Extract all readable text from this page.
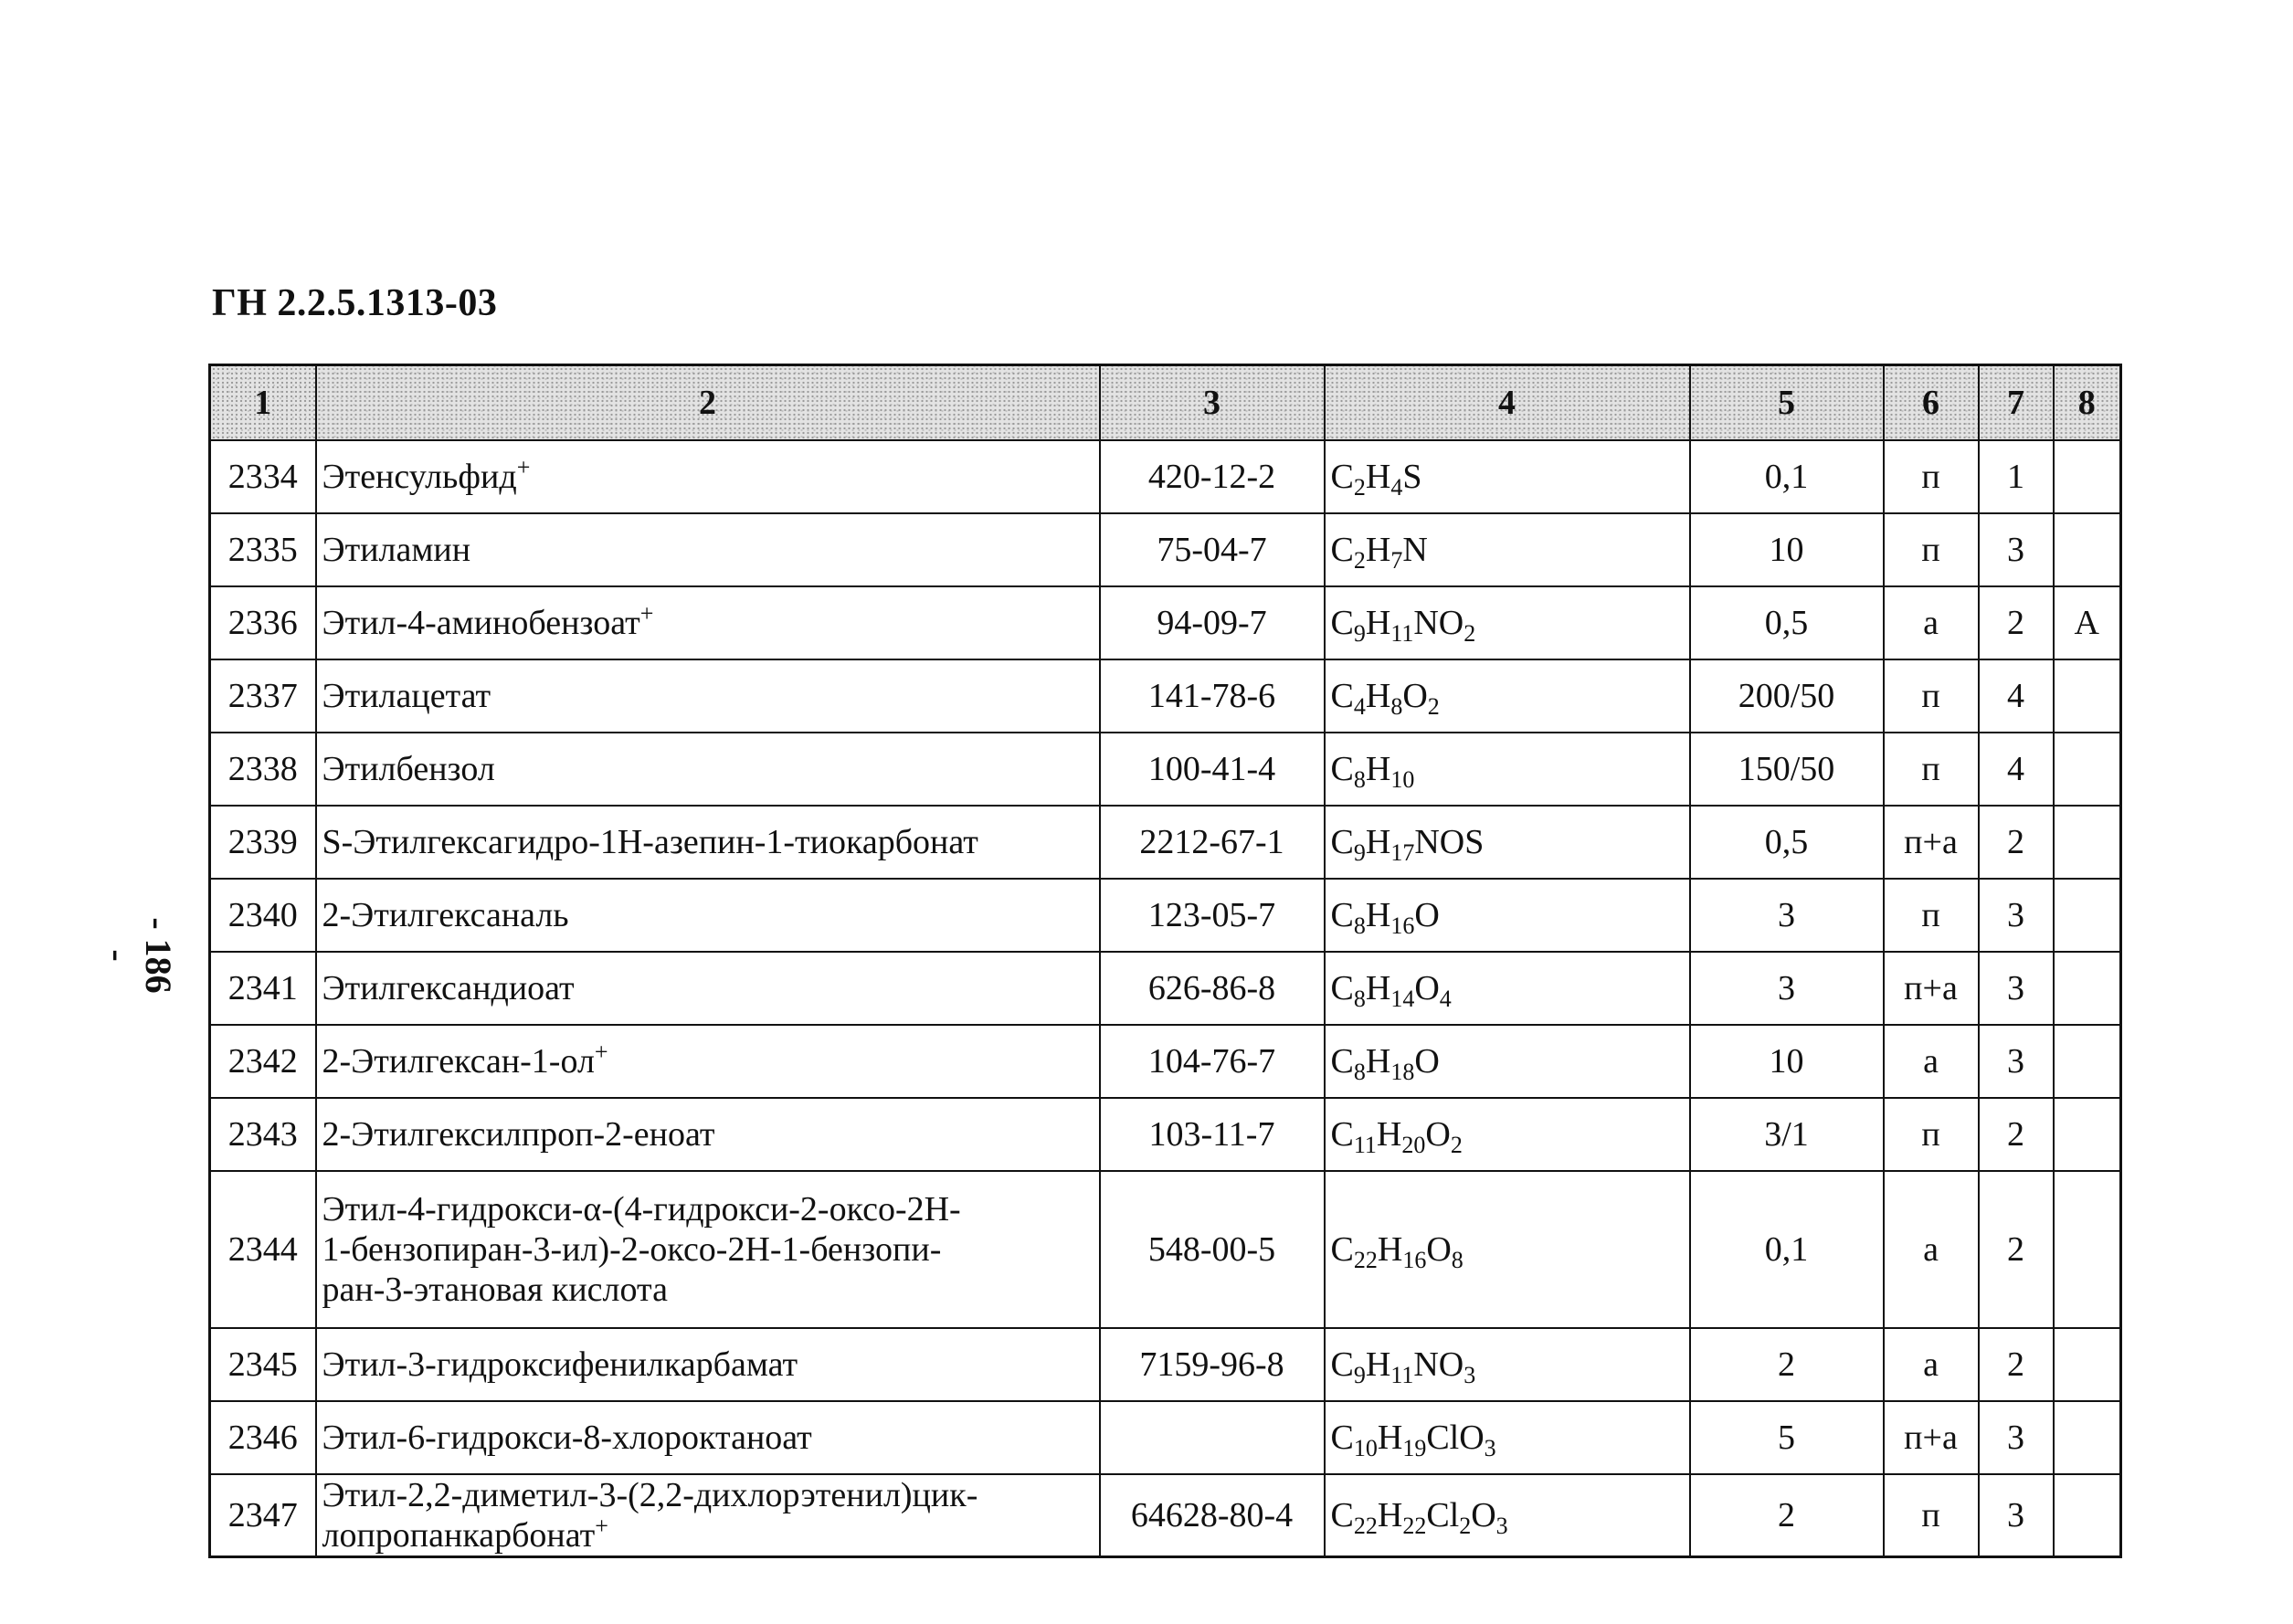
ГН 2.2.5.1313-03
- 186 -
1	2	3	4	5	6	7	8
2334	Этенсульфид+	420-12-2	$C_2H_4S$	0,1	п	1	
2335	Этиламин	75-04-7	$C_2H_7N$	10	п	3	
2336	Этил-4-аминобензоат+	94-09-7	$C_9H_{11}NO_2$	0,5	а	2	А
2337	Этилацетат	141-78-6	$C_4H_8O_2$	200/50	п	4	
2338	Этилбензол	100-41-4	$C_8H_{10}$	150/50	п	4	
2339	S-Этилгексагидро-1Н-азепин-1-тиокарбонат	2212-67-1	$C_9H_{17}NOS$	0,5	п+а	2	
2340	2-Этилгексаналь	123-05-7	$C_8H_{16}O$	3	п	3	
2341	Этилгександиоат	626-86-8	$C_8H_{14}O_4$	3	п+а	3	
2342	2-Этилгексан-1-ол+	104-76-7	$C_8H_{18}O$	10	а	3	
2343	2-Этилгексилпроп-2-еноат	103-11-7	$C_{11}H_{20}O_2$	3/1	п	2	
2344	Этил-4-гидрокси-α-(4-гидрокси-2-оксо-2Н-
1-бензопиран-3-ил)-2-оксо-2Н-1-бензопи-
ран-3-этановая кислота	548-00-5	$C_{22}H_{16}O_8$	0,1	а	2	
2345	Этил-3-гидроксифенилкарбамат	7159-96-8	$C_9H_{11}NO_3$	2	а	2	
2346	Этил-6-гидрокси-8-хлороктаноат		$C_{10}H_{19}ClO_3$	5	п+а	3	
2347	Этил-2,2-диметил-3-(2,2-дихлорэтенил)цик-
лопропанкарбонат+	64628-80-4	$C_{22}H_{22}Cl_2O_3$	2	п	3	
